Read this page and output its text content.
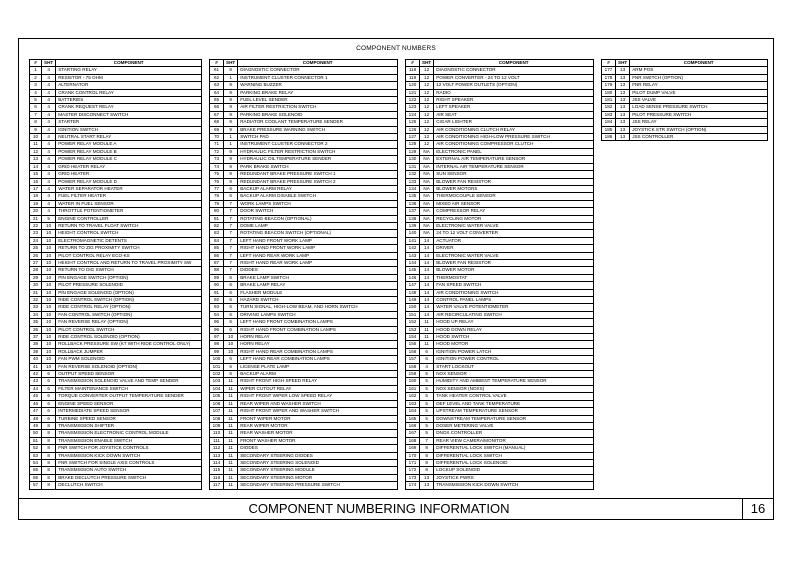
COMPONENT NUMBERS
#	SHT	COMPONENT
1	4	STARTING RELAY
2	4	RESISTOR - 75 OHM
3	4	ALTERNATOR
4	4	CRANK CONTROL RELAY
5	4	BATTERIES
6	4	CRANK REQUEST RELAY
7	4	MASTER DISCONNECT SWITCH
8	4	STARTER
9	4	IGNITION SWITCH
10	4	NEUTRAL START RELAY
11	4	POWER RELAY MODULE A
12	4	POWER RELAY MODULE B
13	4	POWER RELAY MODULE C
14	4	GRID HEATER RELAY
15	4	GRID HEATER
16	4	POWER RELAY MODULE D
17	4	WATER SEPARATOR HEATER
18	4	FUEL FILTER HEATER
19	4	WATER IN FUEL SENSOR
20	4	THROTTLE POTENTIOMETER
21	5	ENGINE CONTROLLER
22	10	RETURN TO TRAVEL FLOAT SWITCH
23	10	HEIGHT CONTROL SWITCH
24	10	ELECTROMAGNETIC DETENTS
25	10	RETURN TO ZIG PROXIMITY SWITCH
26	10	PILOT CONTROL RELAY ECO-KS
27	10	HEIGHT CONTROL AND RETURN TO TRAVEL PROXIMITY SW
28	10	RETURN TO DIG SWITCH
29	10	PIN ENGAGE SWITCH (OPTION)
30	10	PILOT PRESSURE SOLENOID
31	10	PIN ENGAGE SOLENOID (OPTION)
32	10	RIDE CONTROL SWITCH (OPTION)
33	10	RIDE CONTROL RELAY (OPTION)
34	10	FAN CONTROL SWITCH (OPTION)
35	10	FAN REVERSE RELAY (OPTION)
36	10	PILOT CONTROL SWITCH
37	10	RIDE CONTROL SOLENOID (OPTION)
38	10	ROLLBACK PRESSURE SW (KT WITH RIDE CONTROL ONLY)
39	10	ROLLBACK JUMPER
40	10	FAN PWM SOLENOID
41	10	FAN REVERSE SOLENOID (OPTION)
42	6	OUTPUT SPEED SENSOR
43	6	TRANSMISSION SOLENOID VALVE AND TEMP SENDER
44	6	FILTER MAINTENANCE SWITCH
45	6	TORQUE CONVERTER OUTPUT TEMPERATURE SENDER
46	6	ENGINE SPEED SENSOR
47	6	INTERMEDIATE SPEED SENSOR
48	6	TURBINE SPEED SENSOR
49	8	TRANSMISSION SHIFTER
50	8	TRANSMISSION ELECTRONIC CONTROL MODULE
51	8	TRANSMISSION ENABLE SWITCH
52	8	FNR SWITCH FOR JOYSTICK CONTROLS
53	8	TRANSMISSION KICK DOWN SWITCH
54	8	FNR SWITCH FOR SINGLE AXIS CONTROLS
55	8	TRANSMISSION AUTO SWITCH
56	8	BRAKE DECLUTCH PRESSURE SWITCH
57	8	DECLUTCH SWITCH
#	SHT	COMPONENT
61	8	DIAGNOSTIC CONNECTOR
62	1	INSTRUMENT CLUSTER CONNECTOR 1
63	9	WARNING BUZZER
64	9	PARKING BRAKE RELAY
65	9	FUEL LEVEL SENDER
66	9	AIR FILTER RESTRICTION SWITCH
67	9	PARKING BRAKE SOLENOID
68	9	RADIATOR COOLANT TEMPERATURE SENDER
69	9	BRAKE PRESSURE WARNING SWITCH
70	1	SWITCH PAD
71	1	INSTRUMENT CLUSTER CONNECTOR 2
72	9	HYDRAULIC FILTER RESTRICTION SWITCH
73	9	HYDRAULIC OIL TEMPERATURE SENDER
74	9	PARK BRAKE SWITCH
75	9	REDUNDANT BRAKE PRESSURE SWITCH 1
76	9	REDUNDANT BRAKE PRESSURE SWITCH 2
77	6	BACKUP ALARM RELAY
78	6	BACKUP ALARM DISABLE SWITCH
79	7	WORK LAMPS SWITCH
80	7	DOOR SWITCH
81	7	ROTATING BEACON (OPTIONAL)
82	7	DOME LAMP
83	7	ROTATING BEACON SWITCH (OPTIONAL)
84	7	LEFT HAND FRONT WORK LAMP
85	7	RIGHT HAND FRONT WORK LAMP
86	7	LEFT HAND REAR WORK LAMP
87	7	RIGHT HAND REAR WORK LAMP
88	7	DIODES
89	6	BRAKE LAMP SWITCH
90	6	BRAKE LAMP RELAY
91	6	FLASHER MODULE
92	6	HAZARD SWITCH
93	6	TURN SIGNAL, HIGH-LOW BEAM, AND HORN SWITCH
94	6	DRIVING LAMPS SWITCH
95	6	LEFT HAND FRONT COMBINATION LAMPS
96	6	RIGHT HAND FRONT COMBINATION LAMPS
97	10	HORN RELAY
98	10	HORN RELAY
99	10	RIGHT HAND REAR COMBINATION LAMPS
100	6	LEFT HAND REAR COMBINATION LAMPS
101	6	LICENSE PLATE LAMP
102	6	BACKUP ALARM
103	11	RIGHT FRONT HIGH SPEED RELAY
104	11	WIPER CUTOUT RELAY
105	11	RIGHT FRONT WIPER LOW SPEED RELAY
106	11	REAR WIPER AND WASHER SWITCH
107	11	RIGHT FRONT WIPER AND WASHER SWITCH
108	11	FRONT WIPER MOTOR
109	11	REAR WIPER MOTOR
110	11	REAR WASHER MOTOR
111	11	FRONT WASHER MOTOR
112	11	DIODES
113	11	SECONDARY STEERING DIODES
114	11	SECONDARY STEERING SOLENOID
115	11	SECONDARY STEERING MODULE
116	11	SECONDARY STEERING MOTOR
117	11	SECONDARY STEERING PRESSURE SWITCH
#	SHT	COMPONENT
118	12	DIAGNOSTIC CONNECTOR
119	12	POWER CONVERTER - 24 TO 12 VOLT
120	12	12 VOLT POWER OUTLETS (OPTION)
121	12	RADIO
122	12	RIGHT SPEAKER
123	12	LEFT SPEAKER
124	12	AIR SEAT
125	12	CIGAR LIGHTER
126	12	AIR CONDITIONING CLUTCH RELAY
127	12	AIR CONDITIONING HIGH-LOW PRESSURE SWITCH
128	12	AIR CONDITIONING COMPRESSOR CLUTCH
129	NA	ELECTRONIC PANEL
130	NA	EXTERNAL AIR TEMPERATURE SENSOR
131	NA	INTERNAL AIR TEMPERATURE SENSOR
132	NA	SUN SENSOR
133	NA	BLOWER FAN RESISTOR
134	NA	BLOWER MOTORS
135	NA	THERMOCOUPLE SENSOR
136	NA	MIXED AIR SENSOR
137	NA	COMPRESSOR RELAY
138	NA	RECYCLING MOTOR
139	NA	ELECTRONIC WATER VALVE
140	NA	24 TO 12 VOLT CONVERTER
141	14	ACTUATOR
142	14	DRIVER
143	14	ELECTRONIC WATER VALVE
144	14	BLOWER FAN RESISTOR
145	14	BLOWER MOTOR
146	14	THERMOSTAT
147	14	FAN SPEED SWITCH
148	14	AIR CONDITIONING SWITCH
149	14	CONTROL PANEL LAMPS
150	14	WATER VALVE POTENTIOMETER
151	14	AIR RECIRCULATING SWITCH
152	11	HOOD UP RELAY
153	11	HOOD DOWN RELAY
154	11	HOOD SWITCH
155	11	HOOD MOTOR
156	6	IGNITION POWER LATCH
157	6	IGNITION POWER CONTROL
158	4	START LOCKOUT
159	5	NOX SENSOR
160	5	HUMIDITY AND AMBIENT TEMPERATURE SENSOR
161	5	NOX SENSOR (NOXS)
162	5	TANK HEATER CONTROL VALVE
163	5	DEF LEVEL AND TANK TEMPERATURE
164	5	UPSTREAM TEMPERATURE SENSOR
165	5	DOWNSTREAM TEMPERATURE SENSOR
166	5	DOSER METERING VALVE
167	5	DNOX CONTROLLER
168	7	REAR VIEW CAMERA/MONITOR
169	8	DIFFERENTIAL LOCK SWITCH (MANUAL)
170	8	DIFFERENTIAL LOCK SWITCH
171	8	DIFFERENTIAL LOCK SOLENOID
172	8	LOCKUP SOLENOID
173	13	JOYSTICK PWRS
174	13	TRANSMISSION KICK DOWN SWITCH
#	SHT	COMPONENT
177	13	ARM POS
178	13	FNR SWITCH (OPTION)
179	13	FNR RELAY
180	13	PILOT DUMP VALVE
181	13	JSS VALVE
182	13	LOAD SENSE PRESSURE SWITCH
183	13	PILOT PRESSURE SWITCH
184	13	JSS RELAY
185	13	JOYSTICK STR SWITCH (OPTION)
186	13	JSS CONTROLLER
COMPONENT NUMBERING INFORMATION	16
